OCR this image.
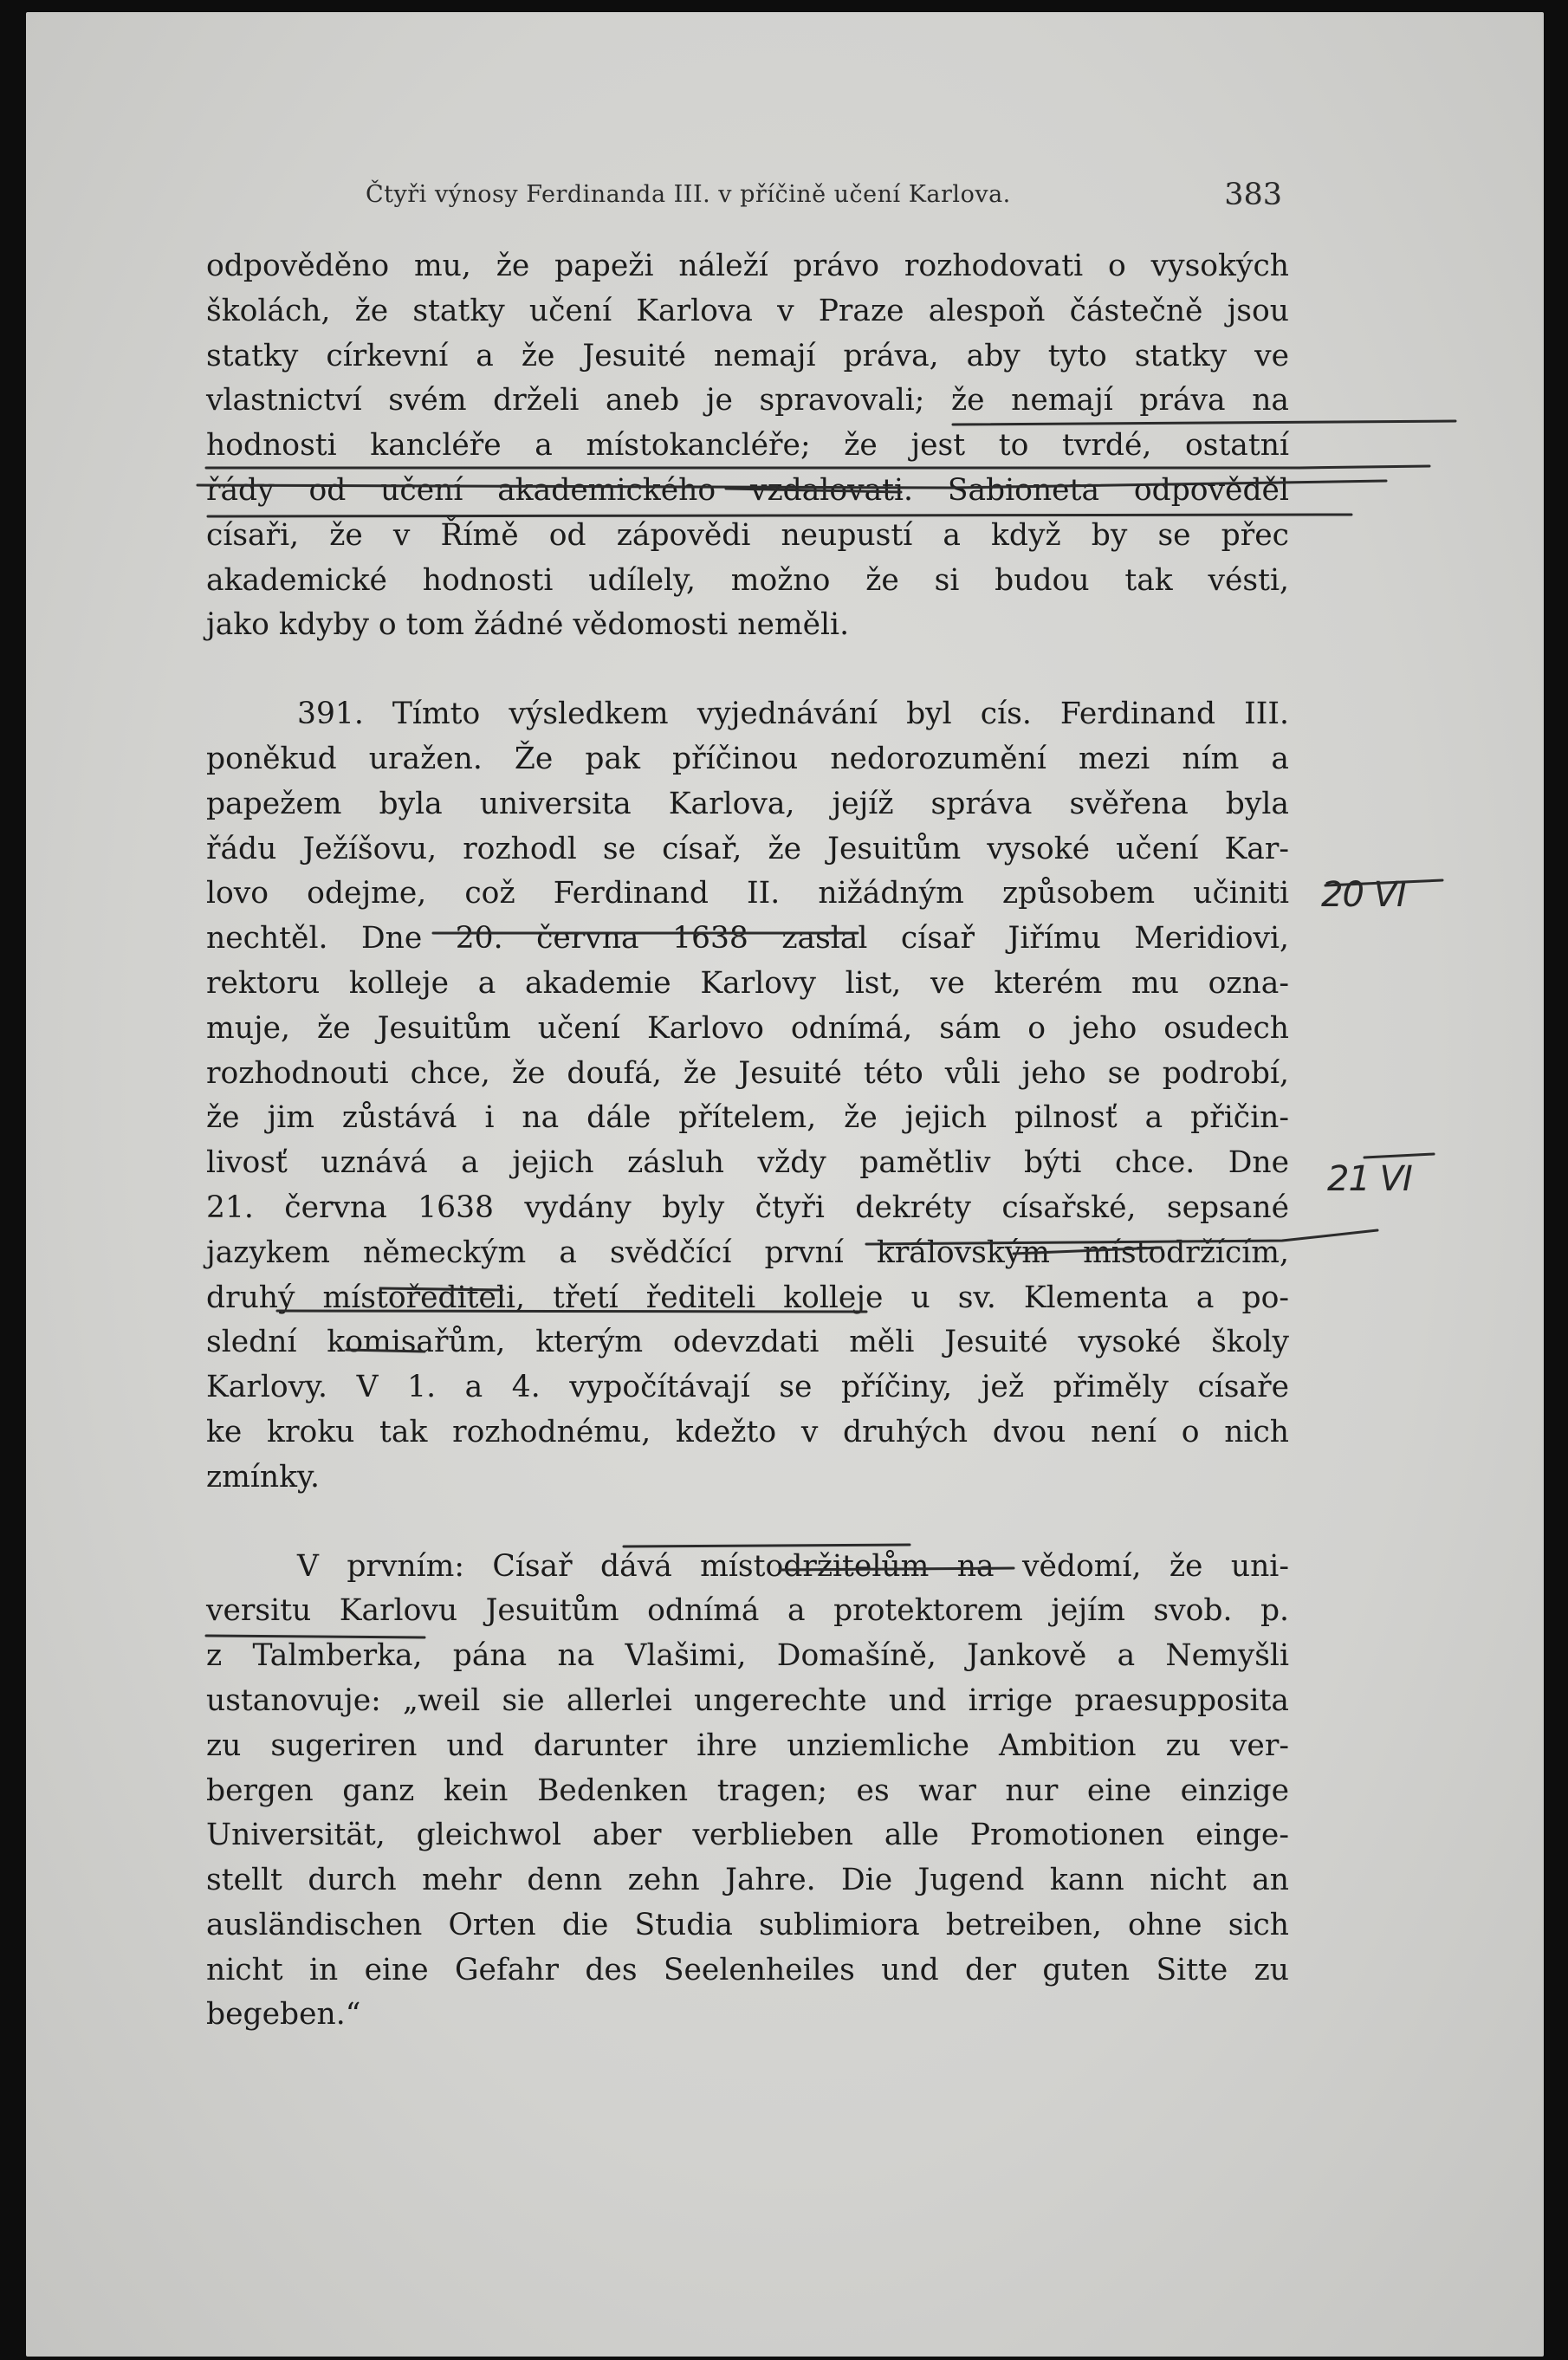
Čtyři výnosy Ferdinanda III. v příčině učení Karlova.	383
odpověděno mu, že papeži náleží právo rozhodovati o vysokých
školách, že statky učení Karlova v Praze alespoň částečně jsou
statky církevní a že Jesuité nemají práva, aby tyto statky ve
vlastnictví svém drželi aneb je spravovali; že nemají práva na
hodnosti kancléře a místokancléře; že jest to tvrdé, ostatní
řády od učení akademického vzdalovati. Sabioneta odpověděl
císaři, že v Římě od zápovědi neupustí a když by se přec
akademické hodnosti udílely, možno že si budou tak vésti,
jako kdyby o tom žádné vědomosti neměli.
391. Tímto výsledkem vyjednávání byl cís. Ferdinand III.
poněkud uražen. Že pak příčinou nedorozumění mezi ním a
papežem byla universita Karlova, jejíž správa svěřena byla
řádu Ježíšovu, rozhodl se císař, že Jesuitům vysoké učení Kar-
lovo odejme, což Ferdinand II. nižádným způsobem učiniti
nechtěl. Dne 20. června 1638 zaslal císař Jiřímu Meridiovi,
rektoru kolleje a akademie Karlovy list, ve kterém mu ozna-
muje, že Jesuitům učení Karlovo odnímá, sám o jeho osudech
rozhodnouti chce, že doufá, že Jesuité této vůli jeho se podrobí,
že jim zůstává i na dále přítelem, že jejich pilnosť a přičin-
livosť uznává a jejich zásluh vždy pamětliv býti chce. Dne
21. června 1638 vydány byly čtyři dekréty císařské, sepsané
jazykem německým a svědčící první královským místodržícím,
druhý místořediteli, třetí řediteli kolleje u sv. Klementa a po-
slední komisařům, kterým odevzdati měli Jesuité vysoké školy
Karlovy. V 1. a 4. vypočítávají se příčiny, jež přiměly císaře
ke kroku tak rozhodnému, kdežto v druhých dvou není o nich
zmínky.
V prvním: Císař dává místodržitelům na vědomí, že uni-
versitu Karlovu Jesuitům odnímá a protektorem jejím svob. p.
z Talmberka, pána na Vlašimi, Domašíně, Jankově a Nemyšli
ustanovuje: „weil sie allerlei ungerechte und irrige praesupposita
zu sugeriren und darunter ihre unziemliche Ambition zu ver-
bergen ganz kein Bedenken tragen; es war nur eine einzige
Universität, gleichwol aber verblieben alle Promotionen einge-
stellt durch mehr denn zehn Jahre. Die Jugend kann nicht an
ausländischen Orten die Studia sublimiora betreiben, ohne sich
nicht in eine Gefahr des Seelenheiles und der guten Sitte zu
begeben.“
20 VI
21 VI
